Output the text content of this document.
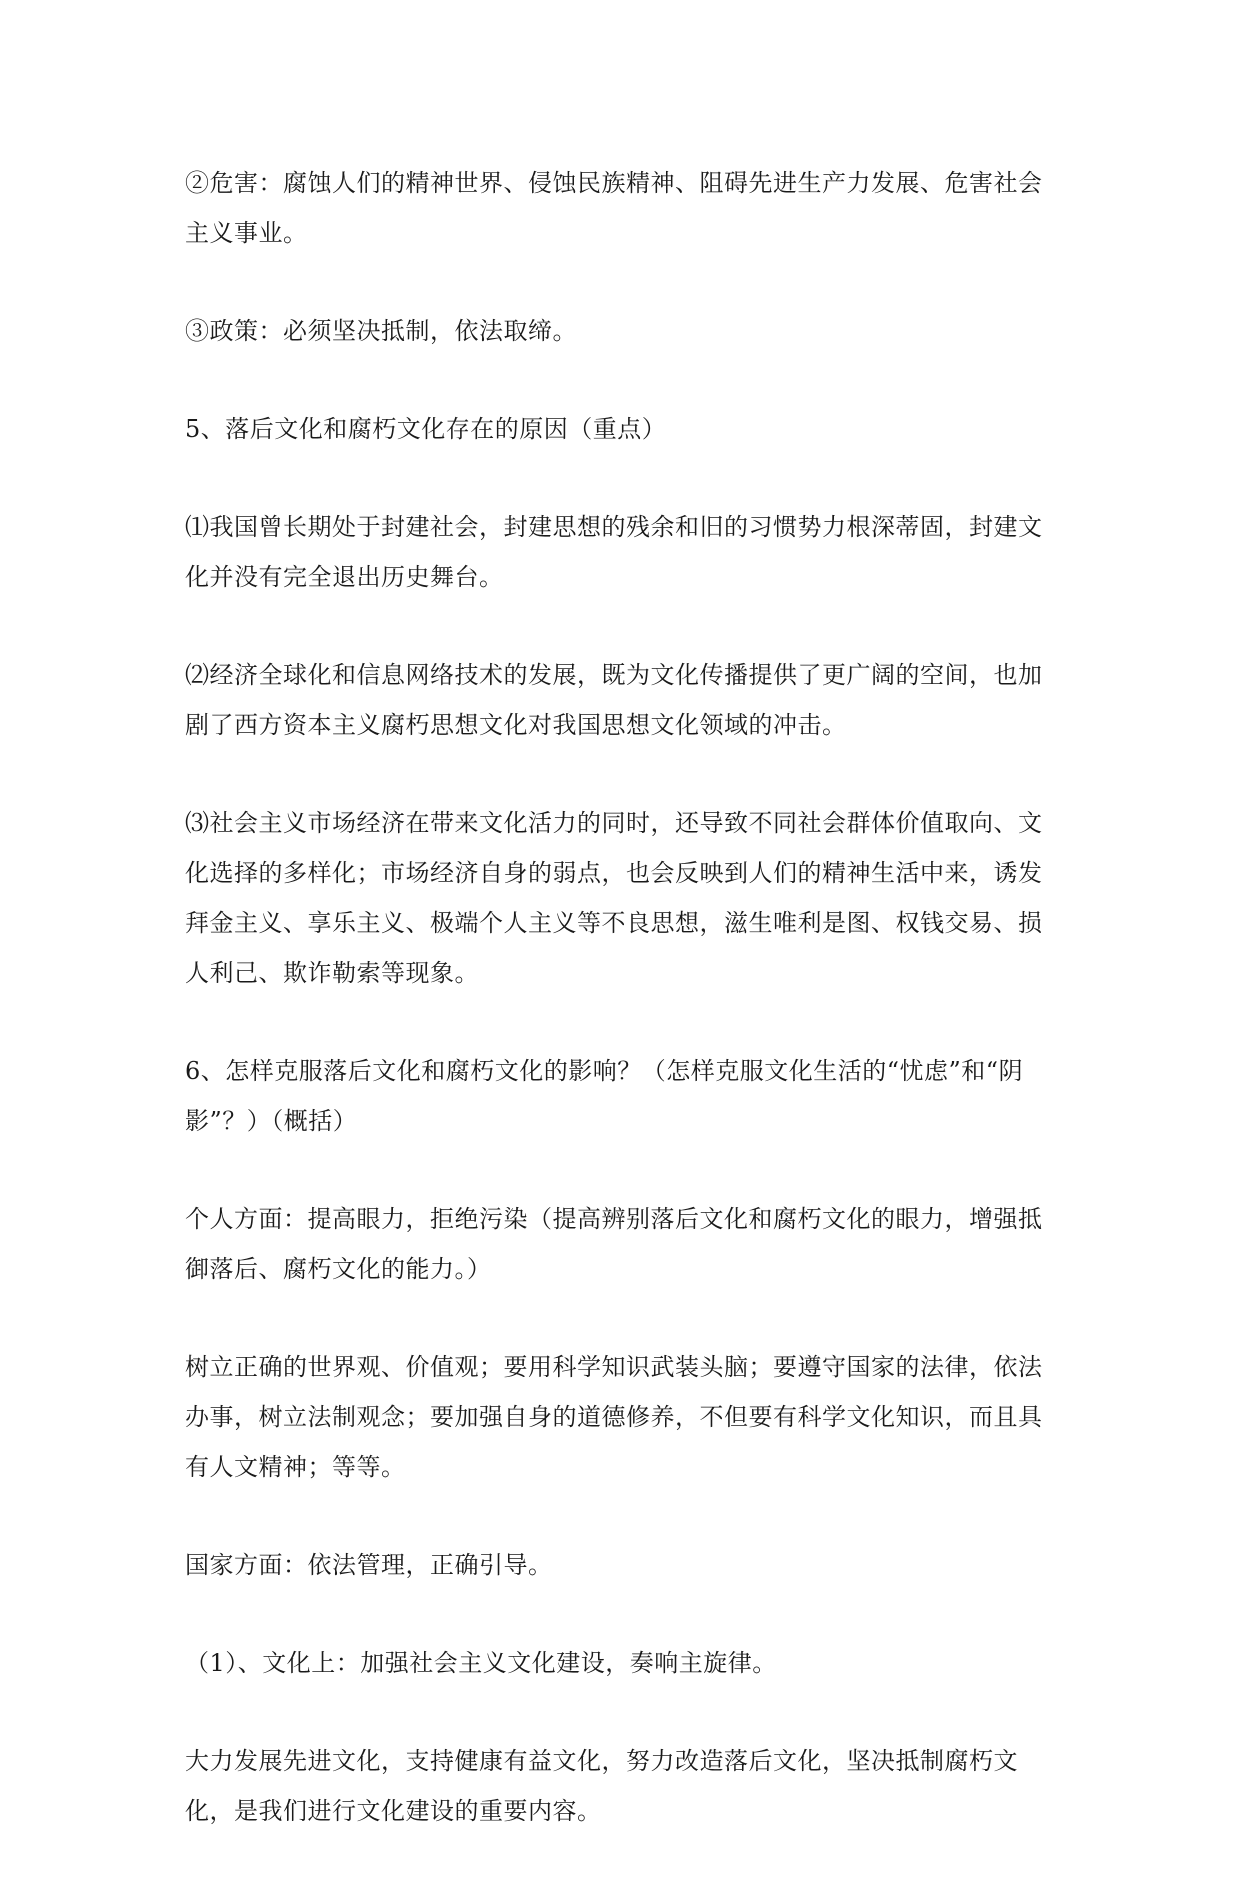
②危害：腐蚀人们的精神世界、侵蚀民族精神、阻碍先进生产力发展、危害社会主义事业。

③政策：必须坚决抵制，依法取缔。

5、落后文化和腐朽文化存在的原因（重点）

⑴我国曾长期处于封建社会，封建思想的残余和旧的习惯势力根深蒂固，封建文化并没有完全退出历史舞台。

⑵经济全球化和信息网络技术的发展，既为文化传播提供了更广阔的空间，也加剧了西方资本主义腐朽思想文化对我国思想文化领域的冲击。

⑶社会主义市场经济在带来文化活力的同时，还导致不同社会群体价值取向、文化选择的多样化；市场经济自身的弱点，也会反映到人们的精神生活中来，诱发拜金主义、享乐主义、极端个人主义等不良思想，滋生唯利是图、权钱交易、损人利己、欺诈勒索等现象。

6、怎样克服落后文化和腐朽文化的影响？（怎样克服文化生活的“忧虑”和“阴影”？）（概括）

个人方面：提高眼力，拒绝污染（提高辨别落后文化和腐朽文化的眼力，增强抵御落后、腐朽文化的能力。）

树立正确的世界观、价值观；要用科学知识武装头脑；要遵守国家的法律，依法办事，树立法制观念；要加强自身的道德修养，不但要有科学文化知识，而且具有人文精神；等等。

国家方面：依法管理，正确引导。

（1）、文化上：加强社会主义文化建设，奏响主旋律。

大力发展先进文化，支持健康有益文化，努力改造落后文化，坚决抵制腐朽文化，是我们进行文化建设的重要内容。
